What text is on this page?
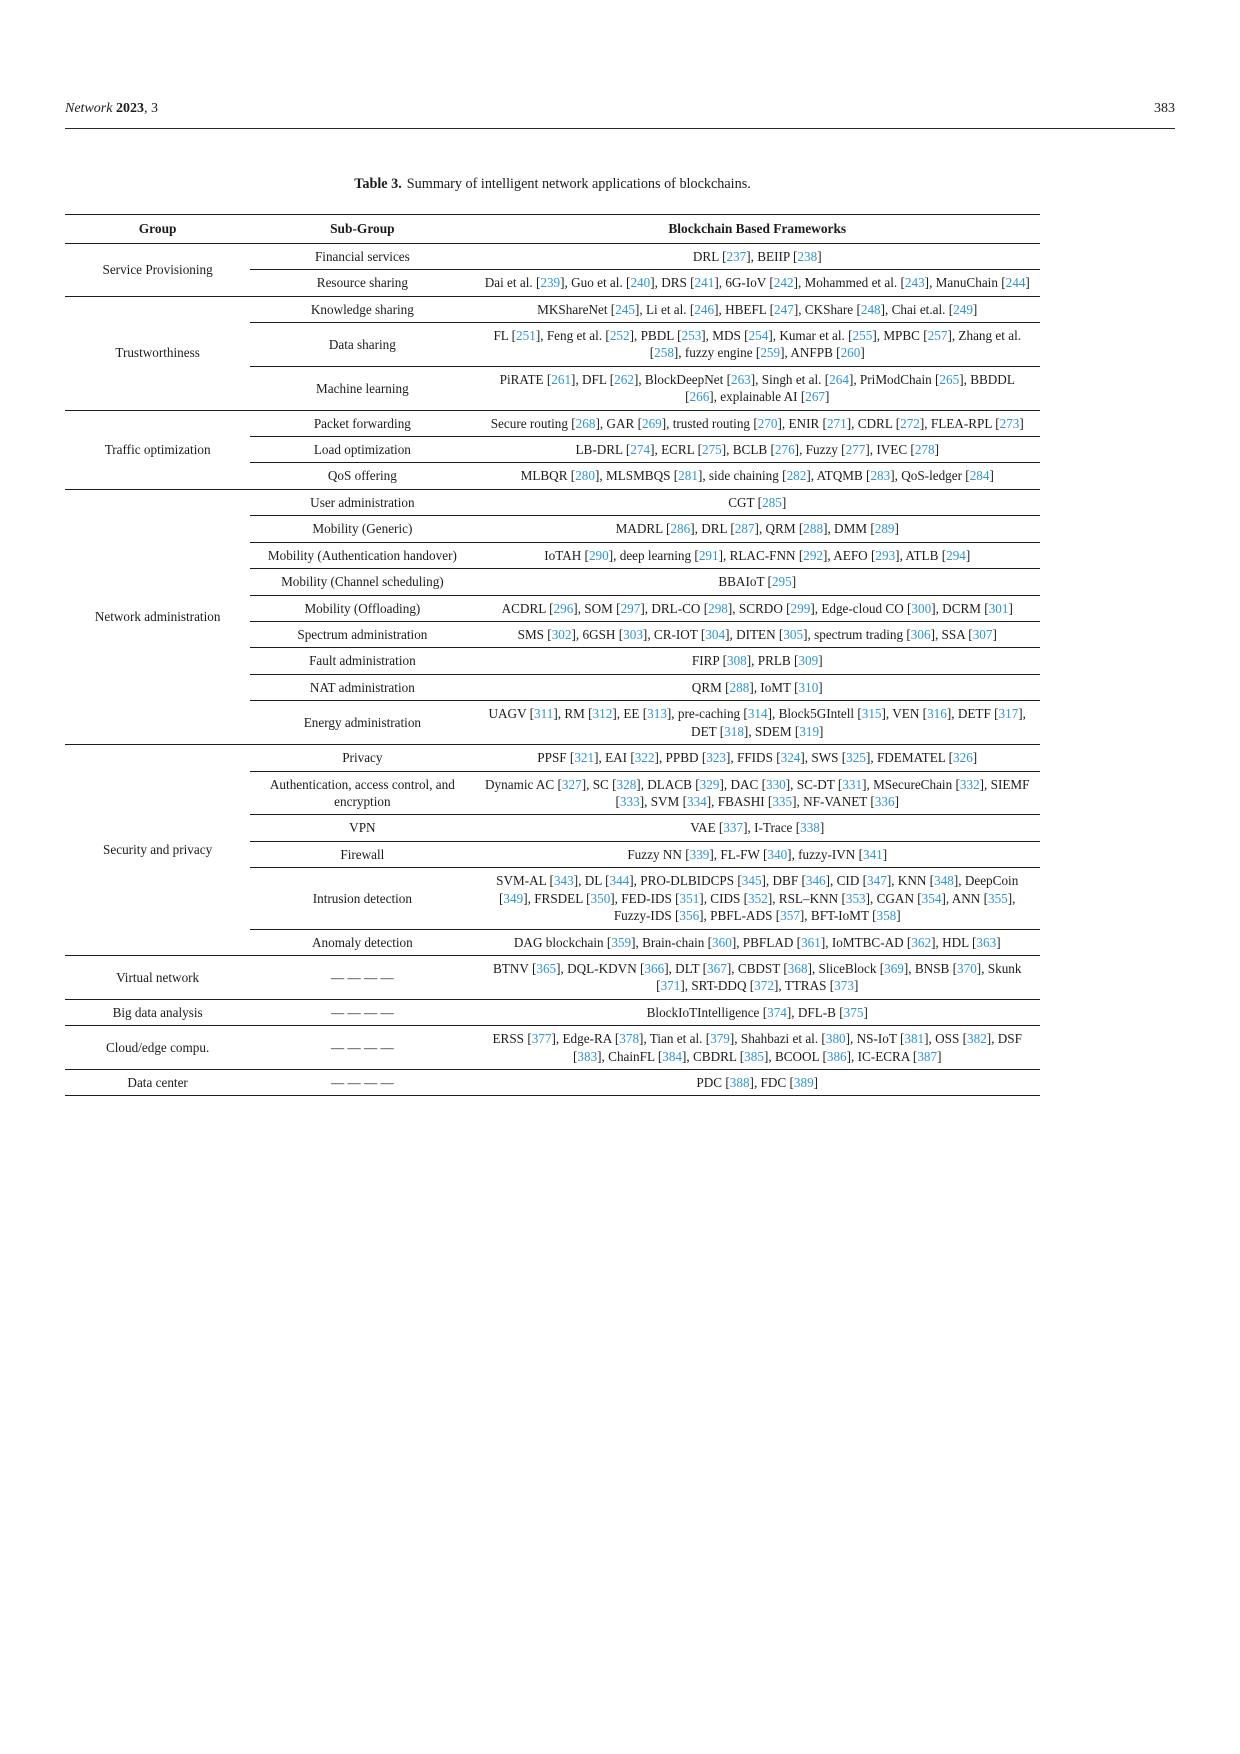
Network 2023, 3	383
Table 3. Summary of intelligent network applications of blockchains.
Group	Sub-Group	Blockchain Based Frameworks
Service Provisioning	Financial services	DRL [237], BEIIP [238]
	Resource sharing	Dai et al. [239], Guo et al. [240], DRS [241], 6G-IoV [242], Mohammed et al. [243], ManuChain [244]
Trustworthiness	Knowledge sharing	MKShareNet [245], Li et al. [246], HBEFL [247], CKShare [248], Chai et.al. [249]
	Data sharing	FL [251], Feng et al. [252], PBDL [253], MDS [254], Kumar et al. [255], MPBC [257], Zhang et al. [258], fuzzy engine [259], ANFPB [260]
	Machine learning	PiRATE [261], DFL [262], BlockDeepNet [263], Singh et al. [264], PriModChain [265], BBDDL [266], explainable AI [267]
Traffic optimization	Packet forwarding	Secure routing [268], GAR [269], trusted routing [270], ENIR [271], CDRL [272], FLEA-RPL [273]
	Load optimization	LB-DRL [274], ECRL [275], BCLB [276], Fuzzy [277], IVEC [278]
	QoS offering	MLBQR [280], MLSMBQS [281], side chaining [282], ATQMB [283], QoS-ledger [284]
Network administration	User administration	CGT [285]
	Mobility (Generic)	MADRL [286], DRL [287], QRM [288], DMM [289]
	Mobility (Authentication handover)	IoTAH [290], deep learning [291], RLAC-FNN [292], AEFO [293], ATLB [294]
	Mobility (Channel scheduling)	BBAIoT [295]
	Mobility (Offloading)	ACDRL [296], SOM [297], DRL-CO [298], SCRDO [299], Edge-cloud CO [300], DCRM [301]
	Spectrum administration	SMS [302], 6GSH [303], CR-IOT [304], DITEN [305], spectrum trading [306], SSA [307]
	Fault administration	FIRP [308], PRLB [309]
	NAT administration	QRM [288], IoMT [310]
	Energy administration	UAGV [311], RM [312], EE [313], pre-caching [314], Block5GIntell [315], VEN [316], DETF [317], DET [318], SDEM [319]
Security and privacy	Privacy	PPSF [321], EAI [322], PPBD [323], FFIDS [324], SWS [325], FDEMATEL [326]
	Authentication, access control, and encryption	Dynamic AC [327], SC [328], DLACB [329], DAC [330], SC-DT [331], MSecureChain [332], SIEMF [333], SVM [334], FBASHI [335], NF-VANET [336]
	VPN	VAE [337], I-Trace [338]
	Firewall	Fuzzy NN [339], FL-FW [340], fuzzy-IVN [341]
	Intrusion detection	SVM-AL [343], DL [344], PRO-DLBIDCPS [345], DBF [346], CID [347], KNN [348], DeepCoin [349], FRSDEL [350], FED-IDS [351], CIDS [352], RSL–KNN [353], CGAN [354], ANN [355], Fuzzy-IDS [356], PBFL-ADS [357], BFT-IoMT [358]
	Anomaly detection	DAG blockchain [359], Brain-chain [360], PBFLAD [361], IoMTBC-AD [362], HDL [363]
Virtual network	— — — —	BTNV [365], DQL-KDVN [366], DLT [367], CBDST [368], SliceBlock [369], BNSB [370], Skunk [371], SRT-DDQ [372], TTRAS [373]
Big data analysis	— — — —	BlockIoTIntelligence [374], DFL-B [375]
Cloud/edge compu.	— — — —	ERSS [377], Edge-RA [378], Tian et al. [379], Shahbazi et al. [380], NS-IoT [381], OSS [382], DSF [383], ChainFL [384], CBDRL [385], BCOOL [386], IC-ECRA [387]
Data center	— — — —	PDC [388], FDC [389]
